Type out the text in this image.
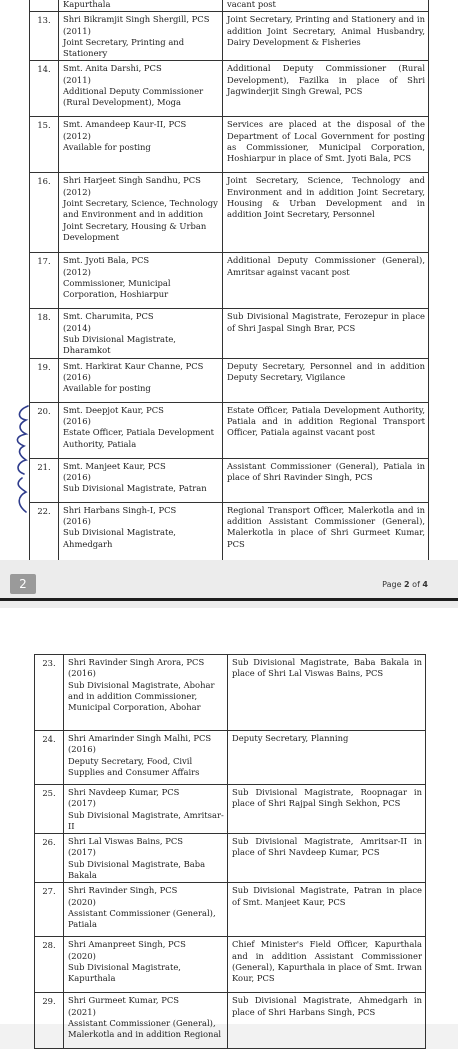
	Kapurthala	vacant post
13.	Shri Bikramjit Singh Shergill, PCS
(2011)
Joint Secretary, Printing and Stationery	Joint Secretary, Printing and Stationery and in addition Joint Secretary, Animal Husbandry, Dairy Development & Fisheries
14.	Smt. Anita Darshi, PCS
(2011)
Additional Deputy Commissioner
(Rural Development), Moga	Additional Deputy Commissioner (Rural Development), Fazilka in place of Shri Jagwinderjit Singh Grewal, PCS
15.	Smt. Amandeep Kaur-II, PCS
(2012)
Available for posting	Services are placed at the disposal of the Department of Local Government for posting as Commissioner, Municipal Corporation, Hoshiarpur in place of Smt. Jyoti Bala, PCS
16.	Shri Harjeet Singh Sandhu, PCS
(2012)
Joint Secretary, Science, Technology and Environment and in addition Joint Secretary, Housing & Urban Development	Joint Secretary, Science, Technology and Environment and in addition Joint Secretary, Housing & Urban Development and in addition Joint Secretary, Personnel
17.	Smt. Jyoti Bala, PCS
(2012)
Commissioner, Municipal Corporation, Hoshiarpur	Additional Deputy Commissioner (General), Amritsar against vacant post
18.	Smt. Charumita, PCS
(2014)
Sub Divisional Magistrate, Dharamkot	Sub Divisional Magistrate, Ferozepur in place of Shri Jaspal Singh Brar, PCS
19.	Smt. Harkirat Kaur Channe, PCS
(2016)
Available for posting	Deputy Secretary, Personnel and in addition Deputy Secretary, Vigilance
20.	Smt. Deepjot Kaur, PCS
(2016)
Estate Officer, Patiala Development Authority, Patiala	Estate Officer, Patiala Development Authority, Patiala and in addition Regional Transport Officer, Patiala against vacant post
21.	Smt. Manjeet Kaur, PCS
(2016)
Sub Divisional Magistrate, Patran	Assistant Commissioner (General), Patiala in place of Shri Ravinder Singh, PCS
22.	Shri Harbans Singh-I, PCS
(2016)
Sub Divisional Magistrate, Ahmedgarh	Regional Transport Officer, Malerkotla and in addition Assistant Commissioner (General), Malerkotla in place of Shri Gurmeet Kumar, PCS
2	Page 2 of 4
23.	Shri Ravinder Singh Arora, PCS
(2016)
Sub Divisional Magistrate, Abohar and in addition Commissioner, Municipal Corporation, Abohar	Sub Divisional Magistrate, Baba Bakala in place of Shri Lal Viswas Bains, PCS
24.	Shri Amarinder Singh Malhi, PCS
(2016)
Deputy Secretary, Food, Civil Supplies and Consumer Affairs	Deputy Secretary, Planning
25.	Shri Navdeep Kumar, PCS
(2017)
Sub Divisional Magistrate, Amritsar-II	Sub Divisional Magistrate, Roopnagar in place of Shri Rajpal Singh Sekhon, PCS
26.	Shri Lal Viswas Bains, PCS
(2017)
Sub Divisional Magistrate, Baba Bakala	Sub Divisional Magistrate, Amritsar-II in place of Shri Navdeep Kumar, PCS
27.	Shri Ravinder Singh, PCS
(2020)
Assistant Commissioner (General), Patiala	Sub Divisional Magistrate, Patran in place of Smt. Manjeet Kaur, PCS
28.	Shri Amanpreet Singh, PCS
(2020)
Sub Divisional Magistrate, Kapurthala	Chief Minister's Field Officer, Kapurthala and in addition Assistant Commissioner (General), Kapurthala in place of Smt. Irwan Kour, PCS
29.	Shri Gurmeet Kumar, PCS
(2021)
Assistant Commissioner (General), Malerkotla and in addition Regional	Sub Divisional Magistrate, Ahmedgarh in place of Shri Harbans Singh, PCS
